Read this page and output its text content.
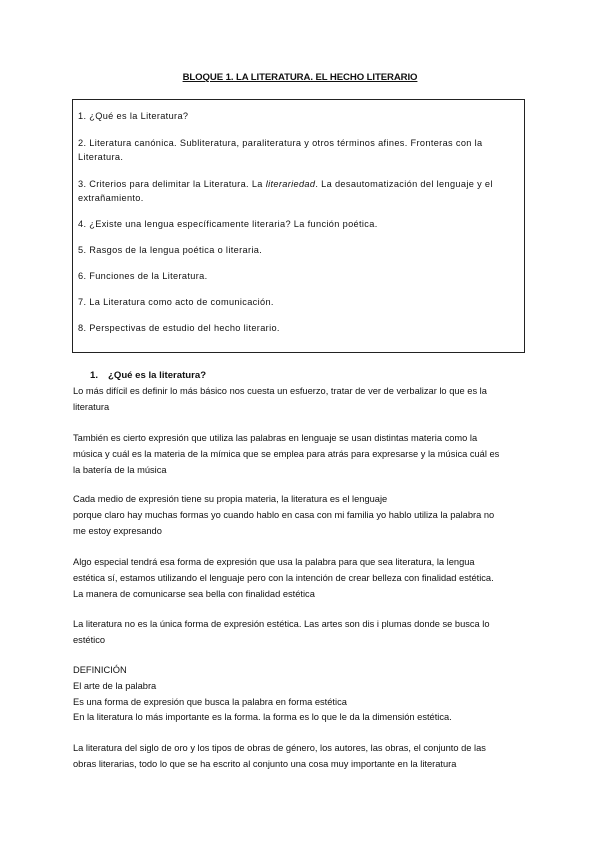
BLOQUE 1. LA LITERATURA. EL HECHO LITERARIO
1. ¿Qué es la Literatura?
2. Literatura canónica. Subliteratura, paraliteratura y otros términos afines. Fronteras con la
Literatura.
3. Criterios para delimitar la Literatura. La literariedad. La desautomatización del lenguaje y el
extrañamiento.
4. ¿Existe una lengua específicamente literaria? La función poética.
5. Rasgos de la lengua poética o literaria.
6. Funciones de la Literatura.
7. La Literatura como acto de comunicación.
8. Perspectivas de estudio del hecho literario.
1. ¿Qué es la literatura?
Lo más difícil es definir lo más básico nos cuesta un esfuerzo, tratar de ver de verbalizar lo que es la
literatura
También es cierto expresión que utiliza las palabras en lenguaje se usan distintas materia como la
música y cuál es la materia de la mímica que se emplea para atrás para expresarse y la música cuál es
la batería de la música
Cada medio de expresión tiene su propia materia, la literatura es el lenguaje
porque claro hay muchas formas yo cuando hablo en casa con mi familia yo hablo utiliza la palabra no
me estoy expresando
Algo especial tendrá esa forma de expresión que usa la palabra para que sea literatura, la lengua
estética sí, estamos utilizando el lenguaje pero con la intención de crear belleza con finalidad estética.
La manera de comunicarse sea bella con finalidad estética
La literatura no es la única forma de expresión estética. Las artes son dis i plumas donde se busca lo
estético
DEFINICIÓN
El arte de la palabra
Es una forma de expresión que busca la palabra en forma estética
En la literatura lo más importante es la forma. la forma es lo que le da la dimensión estética.
La literatura del siglo de oro y los tipos de obras de género, los autores, las obras, el conjunto de las
obras literarias, todo lo que se ha escrito al conjunto una cosa muy importante en la literatura
